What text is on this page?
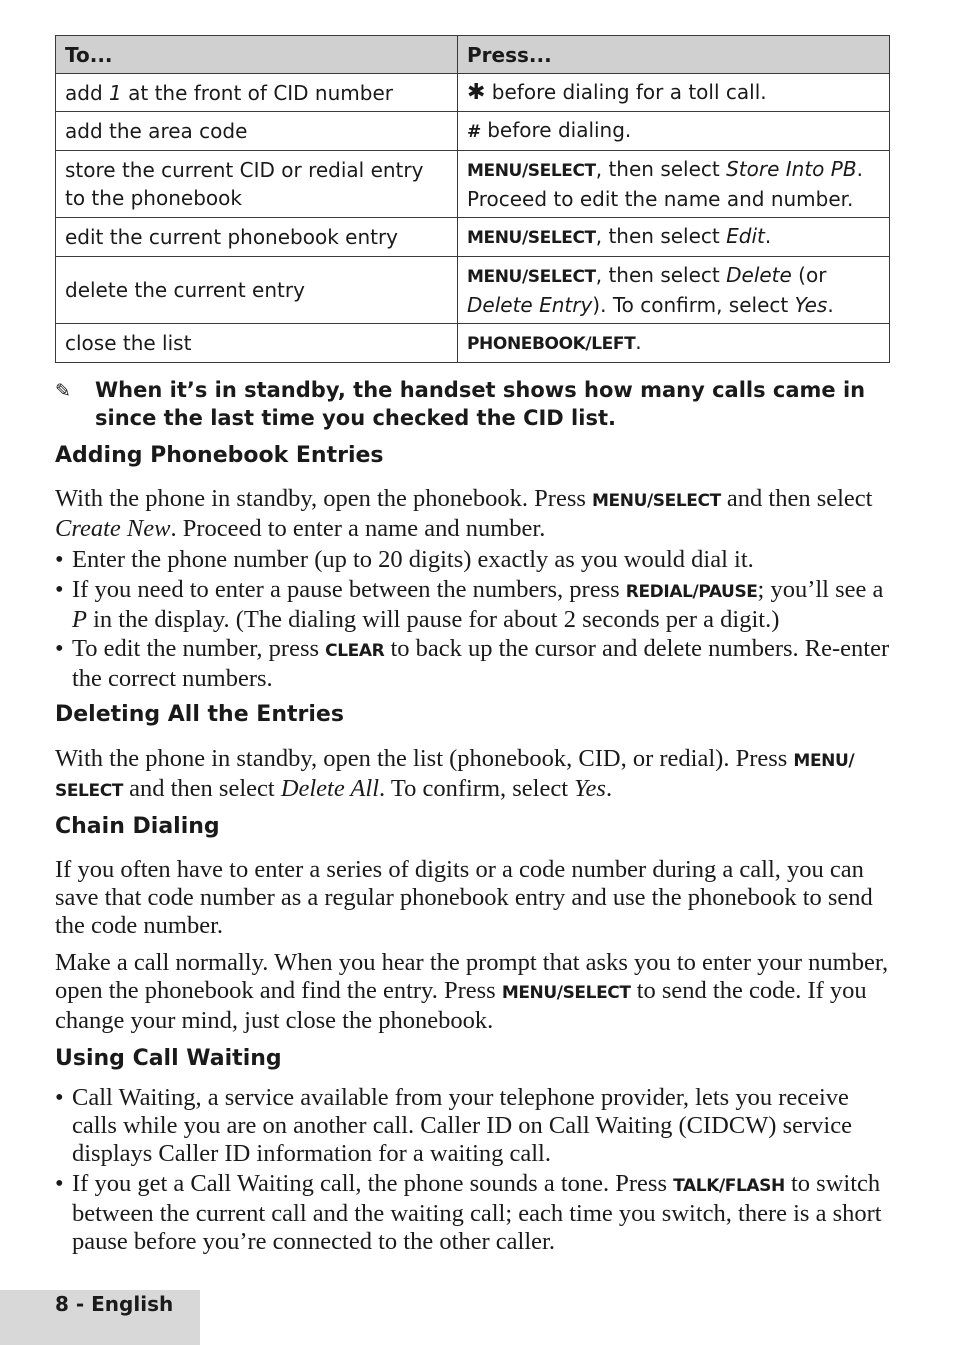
To...	Press...
add 1 at the front of CID number	✱ before dialing for a toll call.
add the area code	# before dialing.
store the current CID or redial entry to the phonebook	MENU/SELECT, then select Store Into PB. Proceed to edit the name and number.
edit the current phonebook entry	MENU/SELECT, then select Edit.
delete the current entry	MENU/SELECT, then select Delete (or Delete Entry). To confirm, select Yes.
close the list	PHONEBOOK/LEFT.
✎ When it’s in standby, the handset shows how many calls came in since the last time you checked the CID list.
Adding Phonebook Entries
With the phone in standby, open the phonebook. Press MENU/SELECT and then select Create New. Proceed to enter a name and number.
• Enter the phone number (up to 20 digits) exactly as you would dial it.
• If you need to enter a pause between the numbers, press REDIAL/PAUSE; you’ll see a P in the display. (The dialing will pause for about 2 seconds per a digit.)
• To edit the number, press CLEAR to back up the cursor and delete numbers. Re-enter the correct numbers.
Deleting All the Entries
With the phone in standby, open the list (phonebook, CID, or redial). Press MENU/ SELECT and then select Delete All. To confirm, select Yes.
Chain Dialing
If you often have to enter a series of digits or a code number during a call, you can save that code number as a regular phonebook entry and use the phonebook to send the code number.
Make a call normally. When you hear the prompt that asks you to enter your number, open the phonebook and find the entry. Press MENU/SELECT to send the code. If you change your mind, just close the phonebook.
Using Call Waiting
• Call Waiting, a service available from your telephone provider, lets you receive calls while you are on another call. Caller ID on Call Waiting (CIDCW) service displays Caller ID information for a waiting call.
• If you get a Call Waiting call, the phone sounds a tone. Press TALK/FLASH to switch between the current call and the waiting call; each time you switch, there is a short pause before you’re connected to the other caller.
8 - English
